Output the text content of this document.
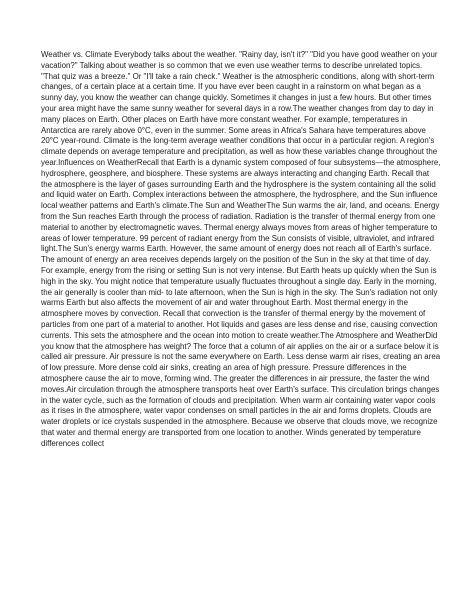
Weather vs. Climate Everybody talks about the weather. "Rainy day, isn't it?" "Did you have good weather on your vacation?" Talking about weather is so common that we even use weather terms to describe unrelated topics. "That quiz was a breeze." Or "I'll take a rain check." Weather is the atmospheric conditions, along with short-term changes, of a certain place at a certain time. If you have ever been caught in a rainstorm on what began as a sunny day, you know the weather can change quickly. Sometimes it changes in just a few hours. But other times your area might have the same sunny weather for several days in a row.The weather changes from day to day in many places on Earth. Other places on Earth have more constant weather. For example, temperatures in Antarctica are rarely above 0°C, even in the summer. Some areas in Africa's Sahara have temperatures above 20°C year-round. Climate is the long-term average weather conditions that occur in a particular region. A region's climate depends on average temperature and precipitation, as well as how these variables change throughout the year.Influences on WeatherRecall that Earth is a dynamic system composed of four subsystems—the atmosphere, hydrosphere, geosphere, and biosphere. These systems are always interacting and changing Earth. Recall that the atmosphere is the layer of gases surrounding Earth and the hydrosphere is the system containing all the solid and liquid water on Earth. Complex interactions between the atmosphere, the hydrosphere, and the Sun influence local weather patterns and Earth's climate.The Sun and WeatherThe Sun warms the air, land, and oceans. Energy from the Sun reaches Earth through the process of radiation. Radiation is the transfer of thermal energy from one material to another by electromagnetic waves. Thermal energy always moves from areas of higher temperature to areas of lower temperature. 99 percent of radiant energy from the Sun consists of visible, ultraviolet, and infrared light.The Sun's energy warms Earth. However, the same amount of energy does not reach all of Earth's surface. The amount of energy an area receives depends largely on the position of the Sun in the sky at that time of day. For example, energy from the rising or setting Sun is not very intense. But Earth heats up quickly when the Sun is high in the sky. You might notice that temperature usually fluctuates throughout a single day. Early in the morning, the air generally is cooler than mid- to late afternoon, when the Sun is high in the sky. The Sun's radiation not only warms Earth but also affects the movement of air and water throughout Earth. Most thermal energy in the atmosphere moves by convection. Recall that convection is the transfer of thermal energy by the movement of particles from one part of a material to another. Hot liquids and gases are less dense and rise, causing convection currents. This sets the atmosphere and the ocean into motion to create weather.The Atmosphere and WeatherDid you know that the atmosphere has weight? The force that a column of air applies on the air or a surface below it is called air pressure. Air pressure is not the same everywhere on Earth. Less dense warm air rises, creating an area of low pressure. More dense cold air sinks, creating an area of high pressure. Pressure differences in the atmosphere cause the air to move, forming wind. The greater the differences in air pressure, the faster the wind moves.Air circulation through the atmosphere transports heat over Earth's surface. This circulation brings changes in the water cycle, such as the formation of clouds and precipitation. When warm air containing water vapor cools as it rises in the atmosphere, water vapor condenses on small particles in the air and forms droplets. Clouds are water droplets or ice crystals suspended in the atmosphere. Because we observe that clouds move, we recognize that water and thermal energy are transported from one location to another. Winds generated by temperature differences collect
